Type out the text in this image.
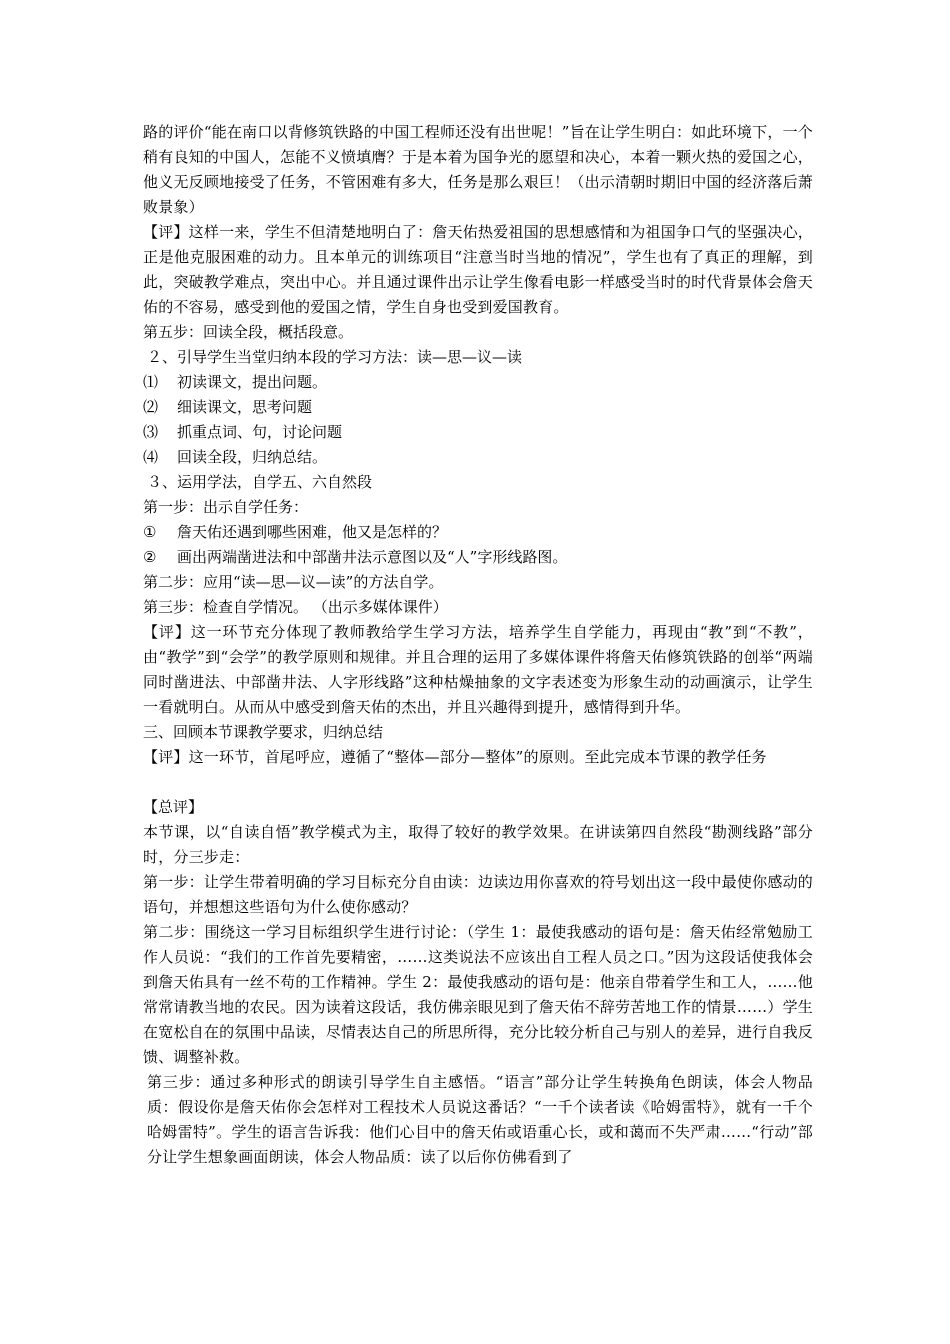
路的评价“能在南口以背修筑铁路的中国工程师还没有出世呢！”旨在让学生明白：如此环境下，一个稍有良知的中国人，怎能不义愤填膺？于是本着为国争光的愿望和决心，本着一颗火热的爱国之心，他义无反顾地接受了任务，不管困难有多大，任务是那么艰巨！（出示清朝时期旧中国的经济落后萧败景象）

【评】这样一来，学生不但清楚地明白了：詹天佑热爱祖国的思想感情和为祖国争口气的坚强决心，正是他克服困难的动力。且本单元的训练项目“注意当时当地的情况”，学生也有了真正的理解，到此，突破教学难点，突出中心。并且通过课件出示让学生像看电影一样感受当时的时代背景体会詹天佑的不容易，感受到他的爱国之情，学生自身也受到爱国教育。

第五步：回读全段，概括段意。

２、引导学生当堂归纳本段的学习方法：读—思—议—读

⑴	初读课文，提出问题。

⑵	细读课文，思考问题

⑶	抓重点词、句，讨论问题

⑷	回读全段，归纳总结。

３、运用学法，自学五、六自然段

第一步：出示自学任务：

①	詹天佑还遇到哪些困难，他又是怎样的？

②	画出两端凿进法和中部凿井法示意图以及“人”字形线路图。

第二步：应用“读—思—议—读”的方法自学。

第三步：检查自学情况。 （出示多媒体课件）

【评】这一环节充分体现了教师教给学生学习方法，培养学生自学能力，再现由“教”到“不教”，由“教学”到“会学”的教学原则和规律。并且合理的运用了多媒体课件将詹天佑修筑铁路的创举“两端同时凿进法、中部凿井法、人字形线路”这种枯燥抽象的文字表述变为形象生动的动画演示，让学生一看就明白。从而从中感受到詹天佑的杰出，并且兴趣得到提升，感情得到升华。

三、回顾本节课教学要求，归纳总结

【评】这一环节，首尾呼应，遵循了“整体—部分—整体”的原则。至此完成本节课的教学任务

【总评】

本节课，以“自读自悟”教学模式为主，取得了较好的教学效果。在讲读第四自然段“勘测线路”部分时，分三步走：

第一步：让学生带着明确的学习目标充分自由读：边读边用你喜欢的符号划出这一段中最使你感动的语句，并想想这些语句为什么使你感动？

第二步：围绕这一学习目标组织学生进行讨论：（学生 1：最使我感动的语句是：詹天佑经常勉励工作人员说：“我们的工作首先要精密，……这类说法不应该出自工程人员之口。”因为这段话使我体会到詹天佑具有一丝不苟的工作精神。学生 2：最使我感动的语句是：他亲自带着学生和工人，……他常常请教当地的农民。因为读着这段话，我仿佛亲眼见到了詹天佑不辞劳苦地工作的情景……）学生在宽松自在的氛围中品读，尽情表达自己的所思所得，充分比较分析自己与别人的差异，进行自我反馈、调整补救。

第三步：通过多种形式的朗读引导学生自主感悟。“语言”部分让学生转换角色朗读，体会人物品质：假设你是詹天佑你会怎样对工程技术人员说这番话？“一千个读者读《哈姆雷特》，就有一千个哈姆雷特”。学生的语言告诉我：他们心目中的詹天佑或语重心长，或和蔼而不失严肃……“行动”部分让学生想象画面朗读，体会人物品质：读了以后你仿佛看到了
